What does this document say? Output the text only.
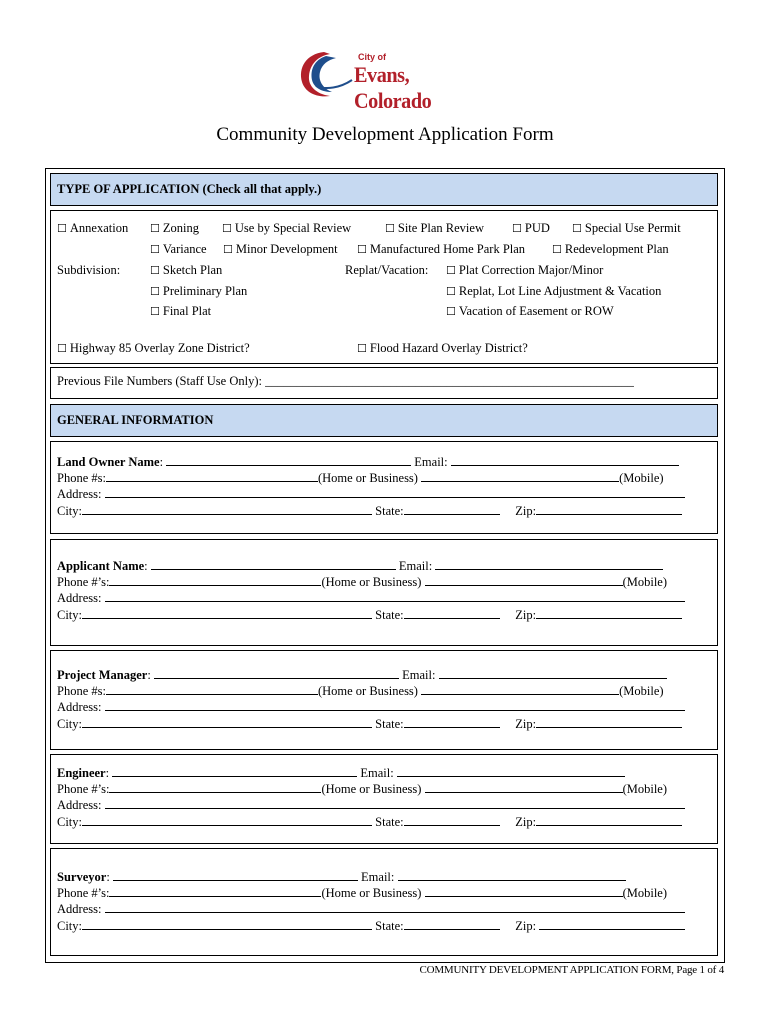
City of
Evans, Colorado
Community Development Application Form
TYPE OF APPLICATION (Check all that apply.)
☐ Annexation ☐ Zoning ☐ Use by Special Review	☐ Site Plan Review	☐ PUD ☐ Special Use Permit
☐ Variance ☐ Minor Development ☐ Manufactured Home Park Plan ☐ Redevelopment Plan
Subdivision:	☐ Sketch Plan	Replat/Vacation: ☐ Plat Correction Major/Minor
☐ Preliminary Plan	☐ Replat, Lot Line Adjustment & Vacation
☐ Final Plat	☐ Vacation of Easement or ROW
☐ Highway 85 Overlay Zone District?	☐ Flood Hazard Overlay District?
Previous File Numbers (Staff Use Only): ___________________________________________________________
GENERAL INFORMATION
Land Owner Name:	Email:
Phone #s:	(Home or Business)	(Mobile)
Address:
City:	State:	Zip:
Applicant Name:	Email:
Phone #’s:	(Home or Business)	(Mobile)
Address:
City:	State:	Zip:
Project Manager:	Email:
Phone #s:	(Home or Business)	(Mobile)
Address:
City:	State:	Zip:
Engineer:	Email:
Phone #’s:	(Home or Business)	(Mobile)
Address:
City:	State:	Zip:
Surveyor:	Email:
Phone #’s:	(Home or Business)	(Mobile)
Address:
City:	State:	Zip:
COMMUNITY DEVELOPMENT APPLICATION FORM, Page 1 of 4
